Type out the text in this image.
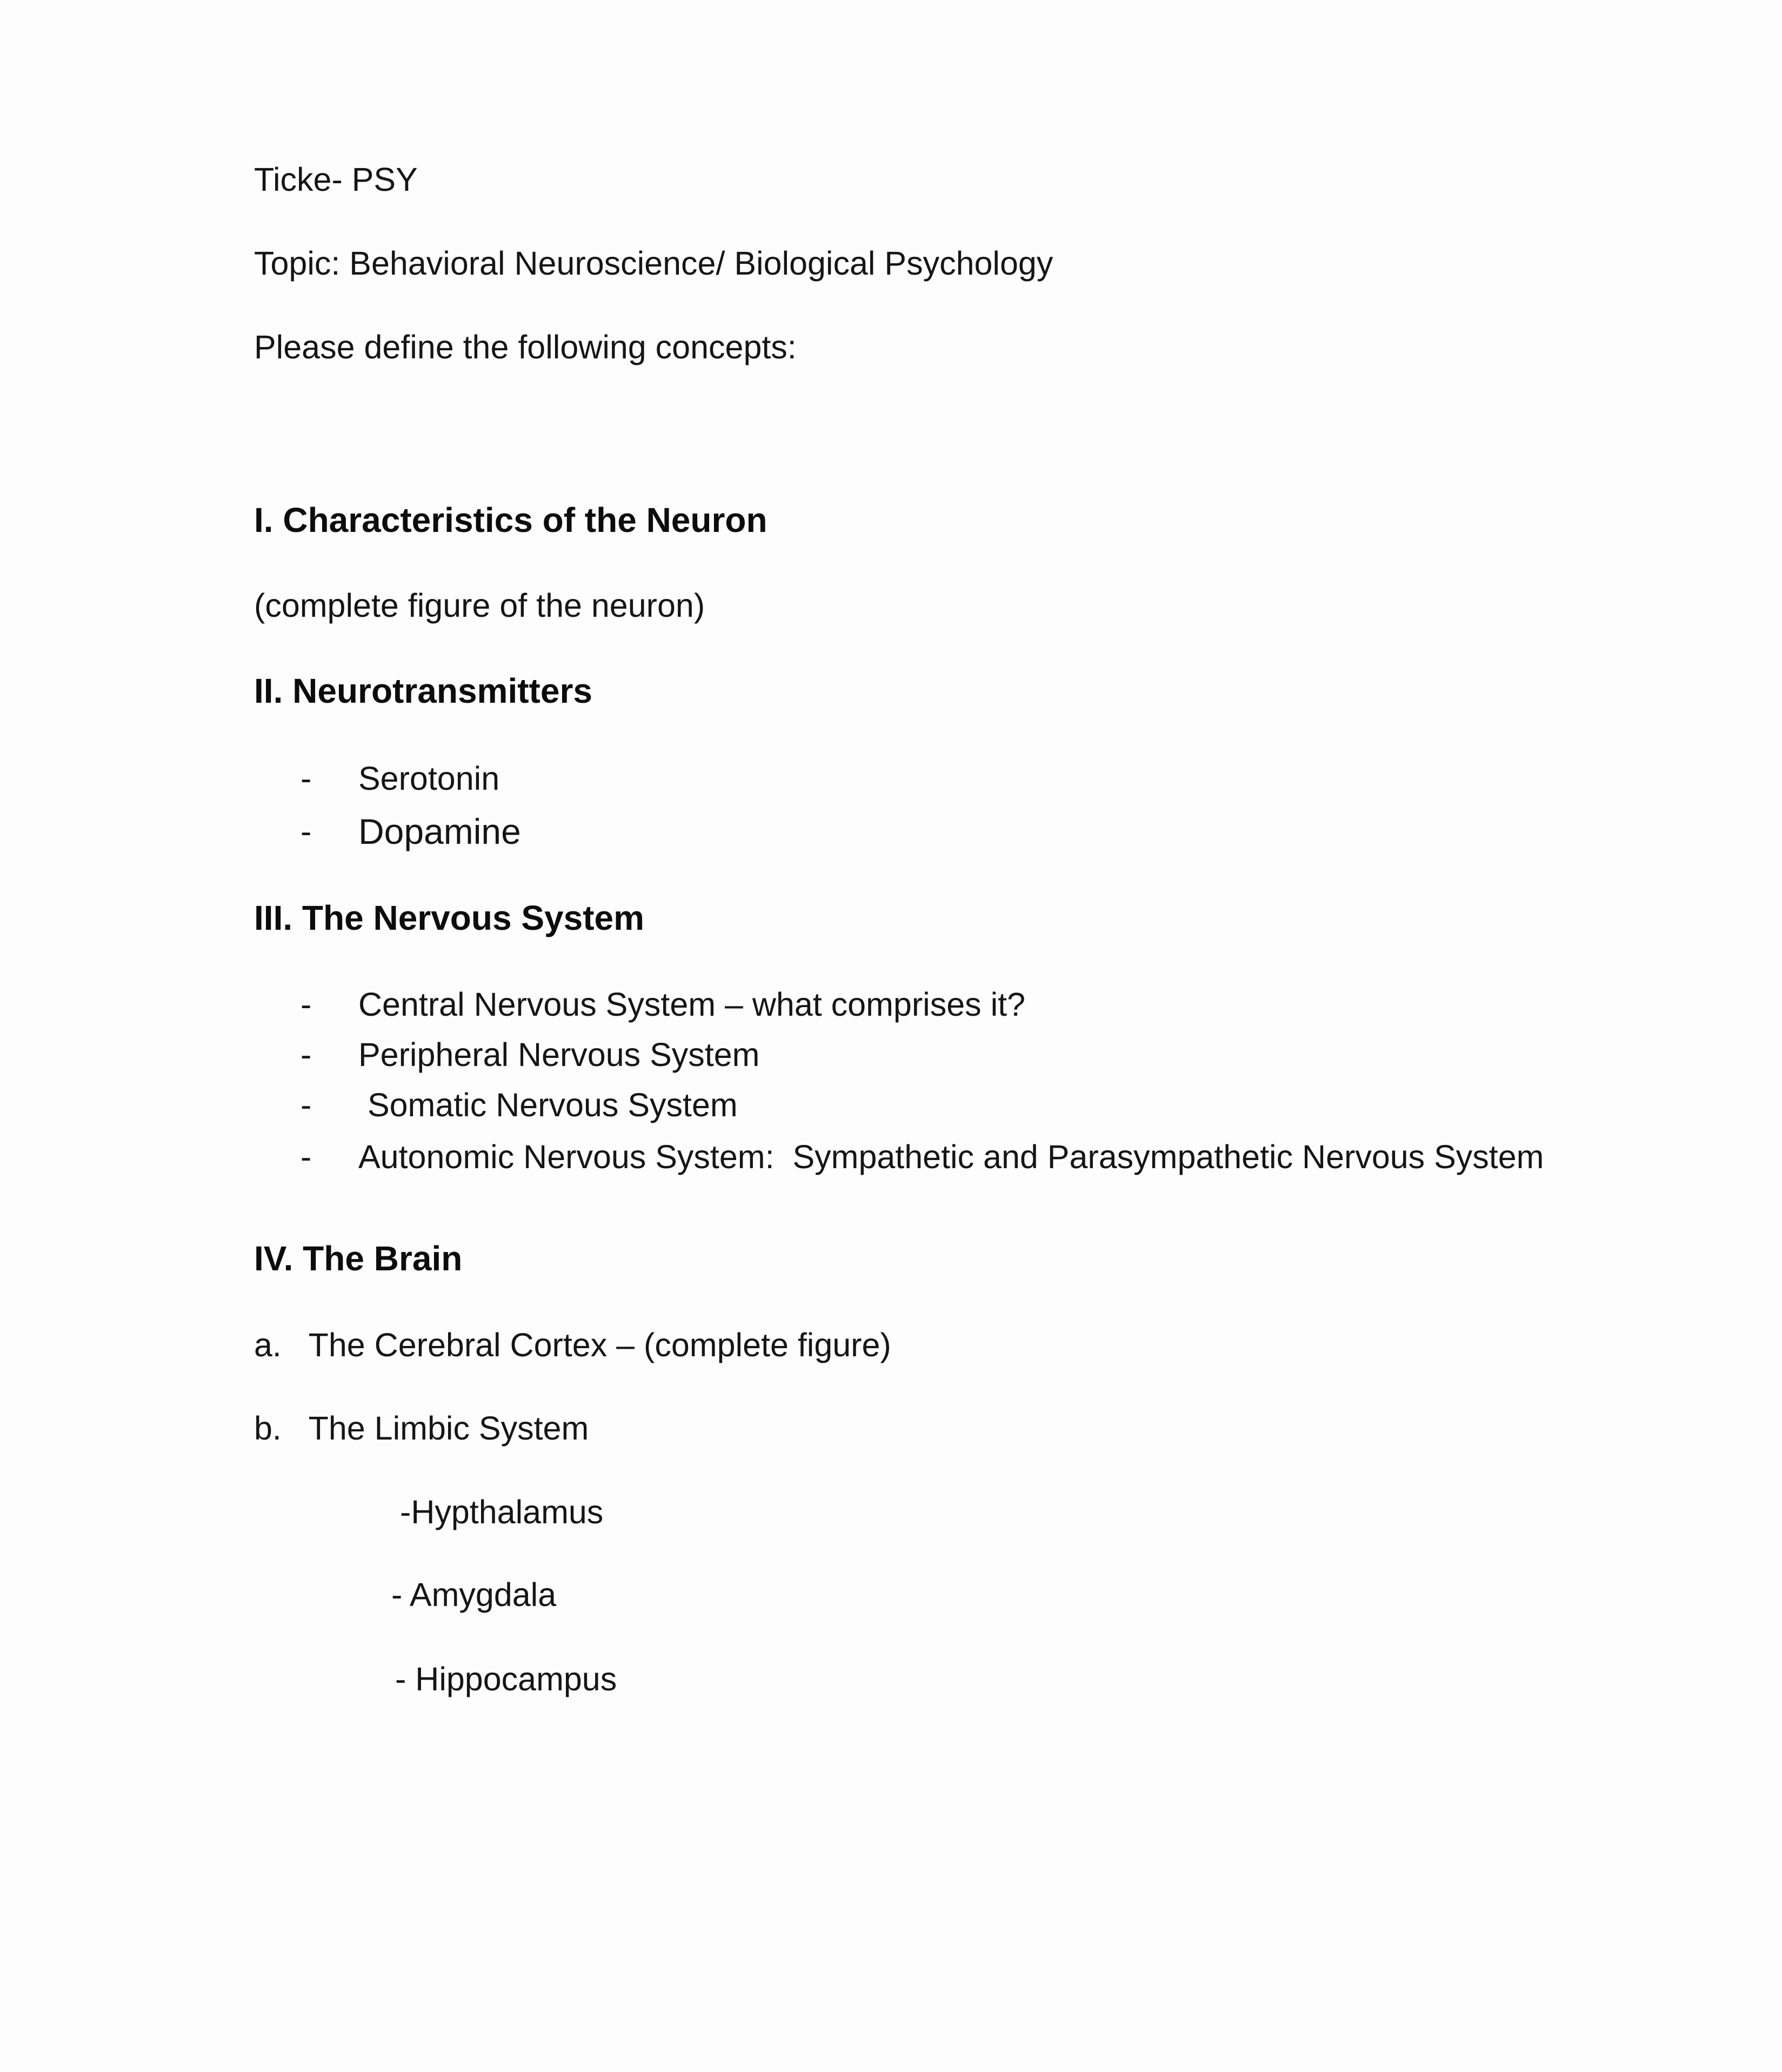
Ticke- PSY
Topic: Behavioral Neuroscience/ Biological Psychology
Please define the following concepts:
I. Characteristics of the Neuron
(complete figure of the neuron)
II. Neurotransmitters
- Serotonin
- Dopamine
III. The Nervous System
- Central Nervous System – what comprises it?
- Peripheral Nervous System
- Somatic Nervous System
- Autonomic Nervous System:  Sympathetic and Parasympathetic Nervous System
IV. The Brain
a.   The Cerebral Cortex – (complete figure)
b.   The Limbic System
-Hypthalamus
- Amygdala
- Hippocampus
